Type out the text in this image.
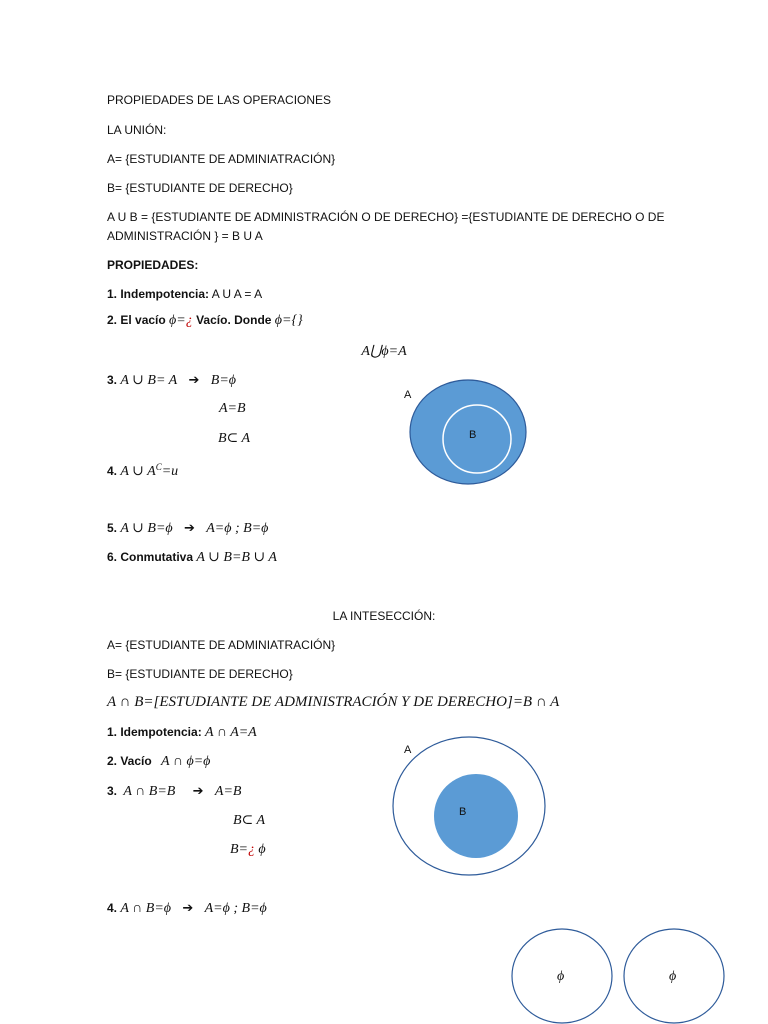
PROPIEDADES DE LAS OPERACIONES
LA UNIÓN:
A= {ESTUDIANTE DE ADMINIATRACIÓN}
B= {ESTUDIANTE DE DERECHO}
A U B = {ESTUDIANTE DE ADMINISTRACIÓN O DE DERECHO} ={ESTUDIANTE DE DERECHO O DE ADMINISTRACIÓN } = B U A
PROPIEDADES:
1. Indempotencia: A U A = A
2. El vacío ϕ=¿ Vacío. Donde ϕ={}
A⋃ϕ=A
3. A ∪ B= A ➔ B=ϕ
A=B
B⊂ A
4. A ∪ $A^C=u$
5. A ∪ B=ϕ ➔ A=ϕ ; B=ϕ
6. Conmutativa A ∪ B=B ∪ A
LA INTESECCIÓN:
A= {ESTUDIANTE DE ADMINIATRACIÓN}
B= {ESTUDIANTE DE DERECHO}
A ∩ B=[ESTUDIANTE DE ADMINISTRACIÓN Y DE DERECHO]=B ∩ A
1. Idempotencia: A ∩ A=A
2. Vacío A ∩ ϕ=ϕ
3. A ∩ B=B ➔ A=B
B⊂ A
B=¿ ϕ
4. A ∩ B=ϕ ➔ A=ϕ ; B=ϕ
A
B
A
B
ϕ	ϕ
